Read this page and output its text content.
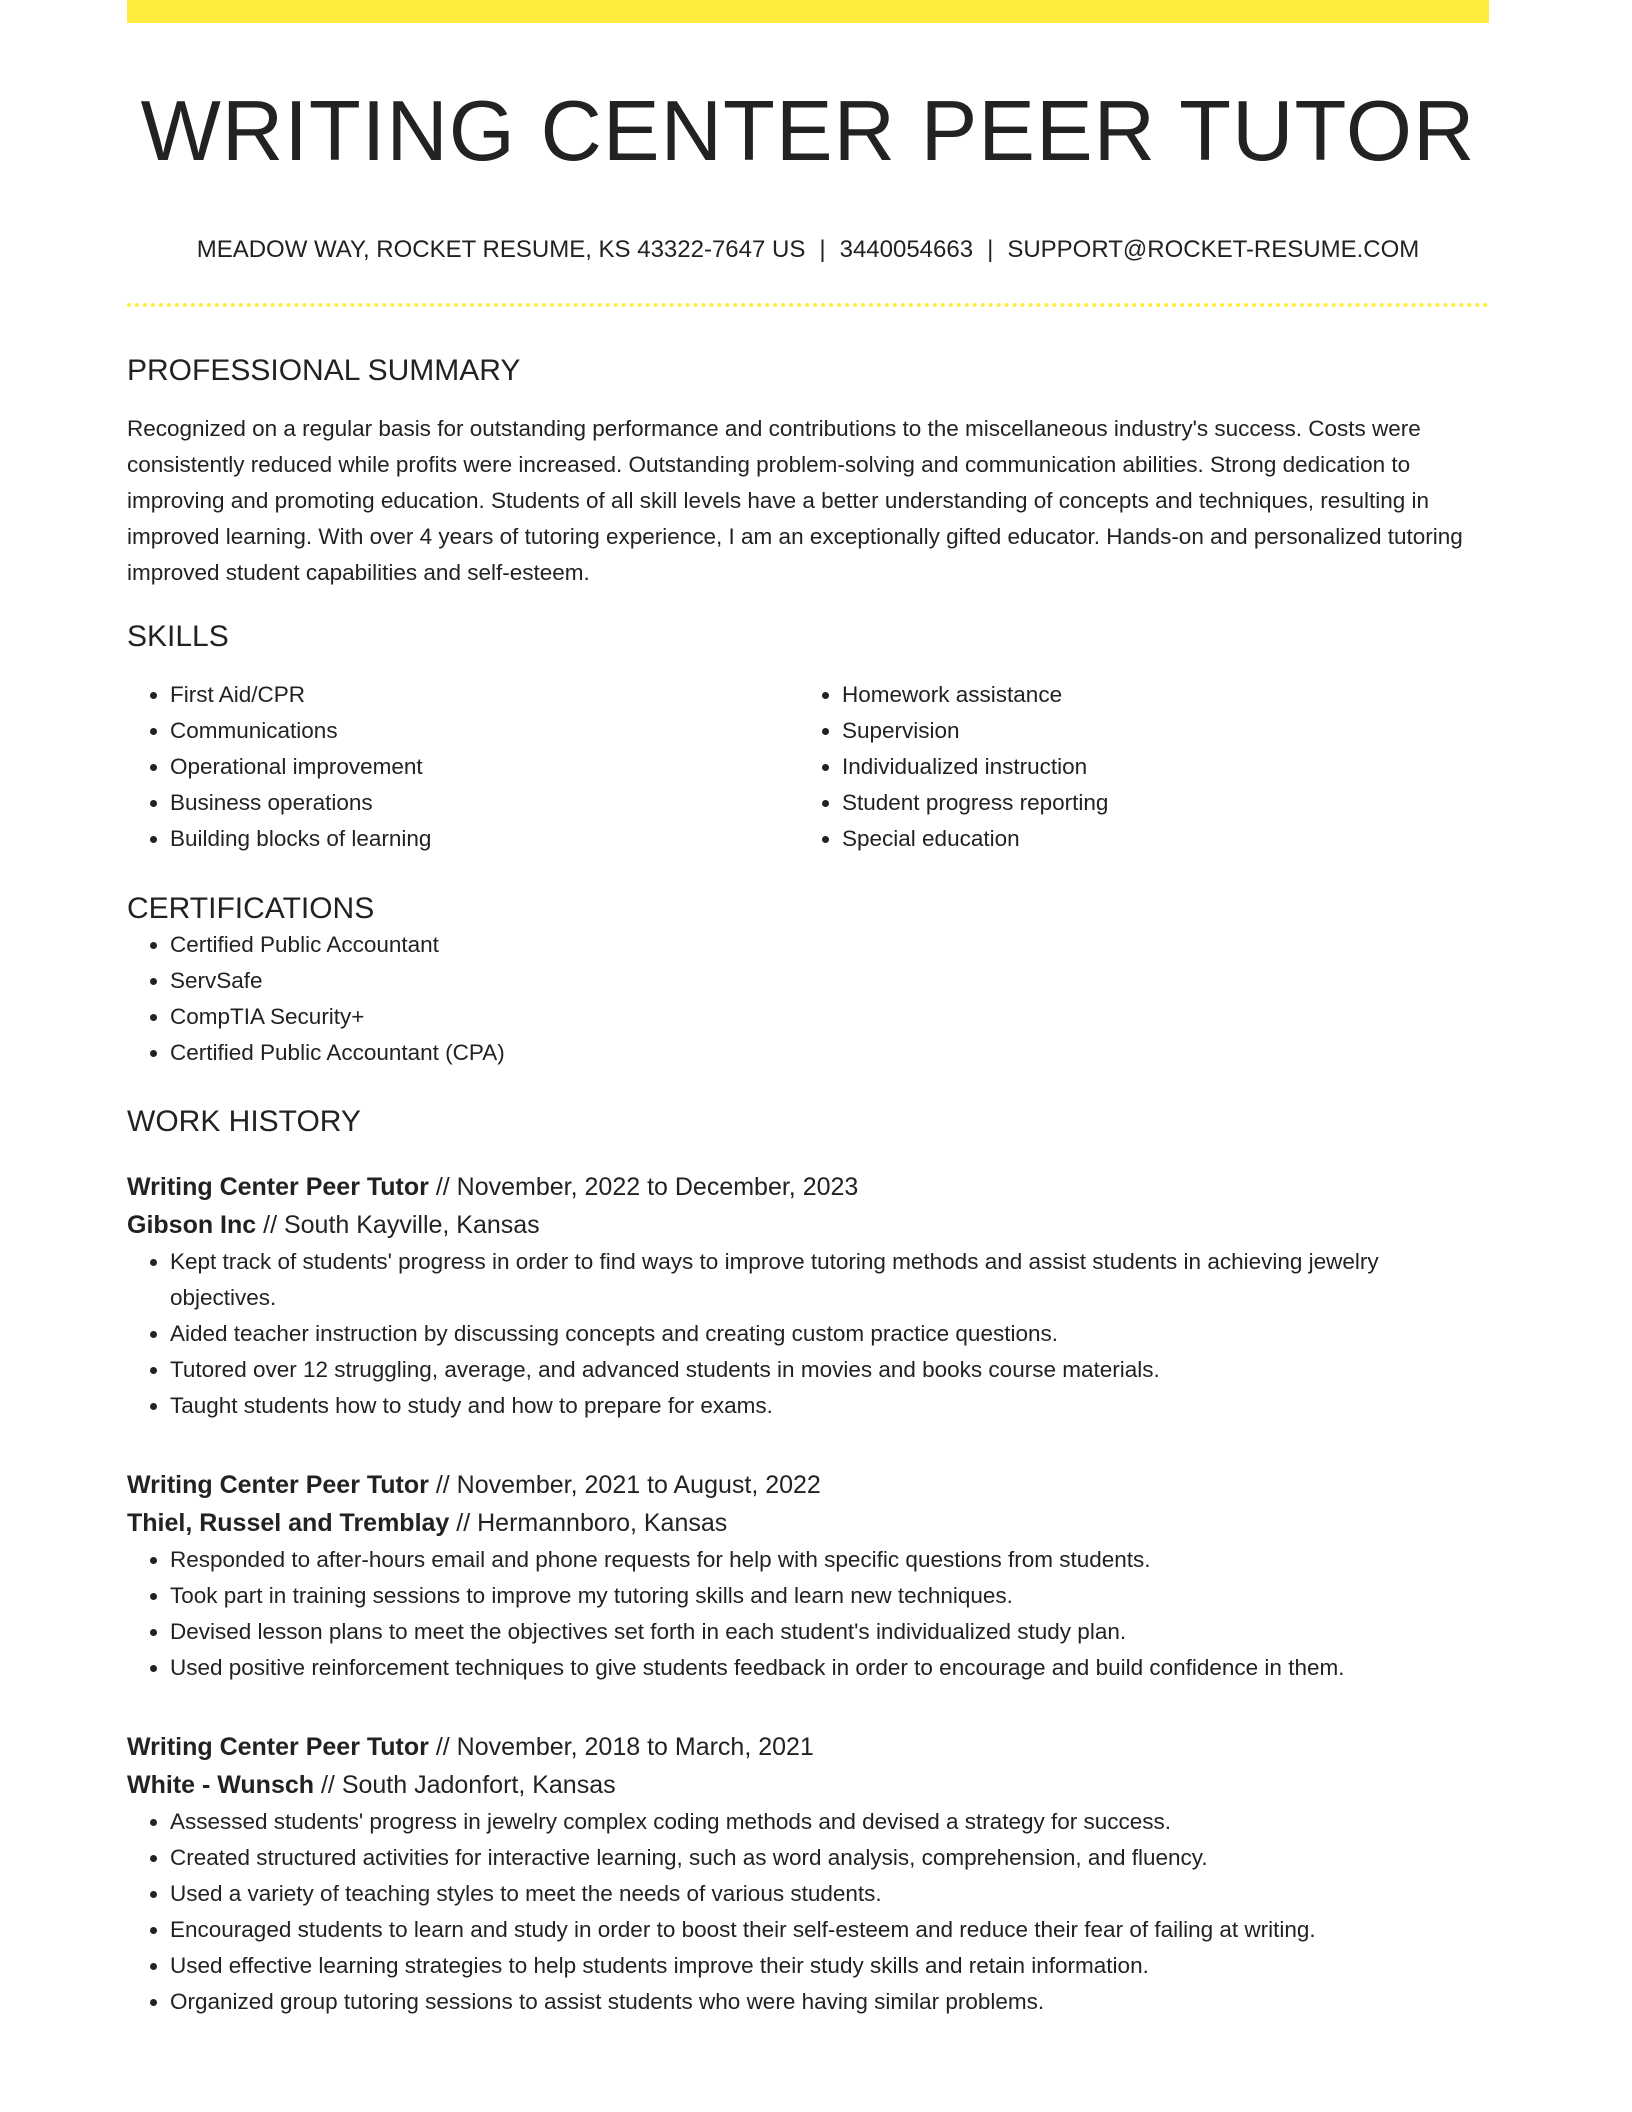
WRITING CENTER PEER TUTOR
MEADOW WAY, ROCKET RESUME, KS 43322-7647 US | 3440054663 | SUPPORT@ROCKET-RESUME.COM
PROFESSIONAL SUMMARY

Recognized on a regular basis for outstanding performance and contributions to the miscellaneous industry's success. Costs were consistently reduced while profits were increased. Outstanding problem-solving and communication abilities. Strong dedication to improving and promoting education. Students of all skill levels have a better understanding of concepts and techniques, resulting in improved learning. With over 4 years of tutoring experience, I am an exceptionally gifted educator. Hands-on and personalized tutoring improved student capabilities and self-esteem.

SKILLS
• First Aid/CPR
• Communications
• Operational improvement
• Business operations
• Building blocks of learning
• Homework assistance
• Supervision
• Individualized instruction
• Student progress reporting
• Special education
CERTIFICATIONS
• Certified Public Accountant
• ServSafe
• CompTIA Security+
• Certified Public Accountant (CPA)
WORK HISTORY
Writing Center Peer Tutor // November, 2022 to December, 2023
Gibson Inc // South Kayville, Kansas
• Kept track of students' progress in order to find ways to improve tutoring methods and assist students in achieving jewelry objectives.
• Aided teacher instruction by discussing concepts and creating custom practice questions.
• Tutored over 12 struggling, average, and advanced students in movies and books course materials.
• Taught students how to study and how to prepare for exams.
Writing Center Peer Tutor // November, 2021 to August, 2022
Thiel, Russel and Tremblay // Hermannboro, Kansas
• Responded to after-hours email and phone requests for help with specific questions from students.
• Took part in training sessions to improve my tutoring skills and learn new techniques.
• Devised lesson plans to meet the objectives set forth in each student's individualized study plan.
• Used positive reinforcement techniques to give students feedback in order to encourage and build confidence in them.
Writing Center Peer Tutor // November, 2018 to March, 2021
White - Wunsch // South Jadonfort, Kansas
• Assessed students' progress in jewelry complex coding methods and devised a strategy for success.
• Created structured activities for interactive learning, such as word analysis, comprehension, and fluency.
• Used a variety of teaching styles to meet the needs of various students.
• Encouraged students to learn and study in order to boost their self-esteem and reduce their fear of failing at writing.
• Used effective learning strategies to help students improve their study skills and retain information.
• Organized group tutoring sessions to assist students who were having similar problems.
